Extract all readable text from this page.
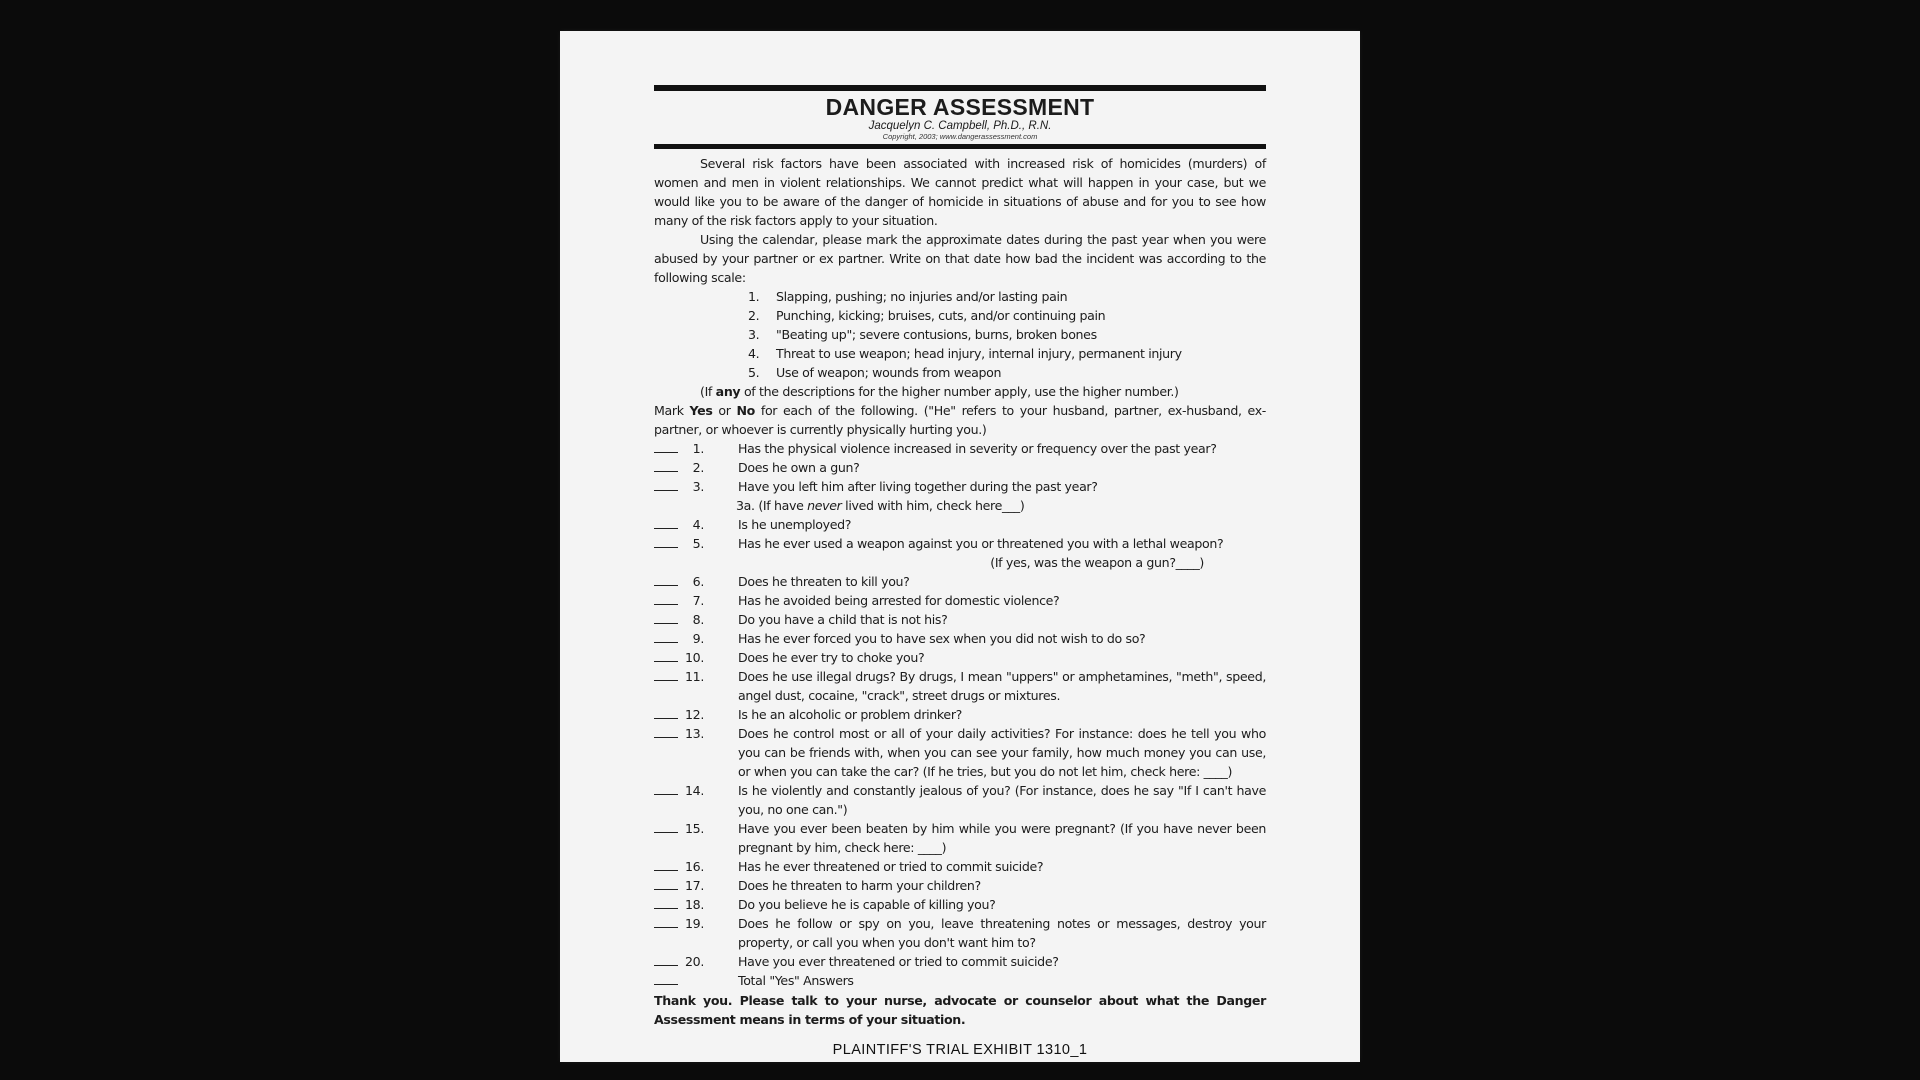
DANGER ASSESSMENT
Jacquelyn C. Campbell, Ph.D., R.N.
Copyright, 2003; www.dangerassessment.com

Several risk factors have been associated with increased risk of homicides (murders) of women and men in violent relationships. We cannot predict what will happen in your case, but we would like you to be aware of the danger of homicide in situations of abuse and for you to see how many of the risk factors apply to your situation.

Using the calendar, please mark the approximate dates during the past year when you were abused by your partner or ex partner. Write on that date how bad the incident was according to the following scale:

1.	Slapping, pushing; no injuries and/or lasting pain
2.	Punching, kicking; bruises, cuts, and/or continuing pain
3.	"Beating up"; severe contusions, burns, broken bones
4.	Threat to use weapon; head injury, internal injury, permanent injury
5.	Use of weapon; wounds from weapon
(If any of the descriptions for the higher number apply, use the higher number.)

Mark Yes or No for each of the following. ("He" refers to your husband, partner, ex-husband, ex-partner, or whoever is currently physically hurting you.)

1.	Has the physical violence increased in severity or frequency over the past year?
2.	Does he own a gun?
3.	Have you left him after living together during the past year?
3a. (If have never lived with him, check here___)
4.	Is he unemployed?
5.	Has he ever used a weapon against you or threatened you with a lethal weapon?
(If yes, was the weapon a gun?____)
6.	Does he threaten to kill you?
7.	Has he avoided being arrested for domestic violence?
8.	Do you have a child that is not his?
9.	Has he ever forced you to have sex when you did not wish to do so?
10.	Does he ever try to choke you?
11.	Does he use illegal drugs? By drugs, I mean "uppers" or amphetamines, "meth", speed, angel dust, cocaine, "crack", street drugs or mixtures.
12.	Is he an alcoholic or problem drinker?
13.	Does he control most or all of your daily activities? For instance: does he tell you who you can be friends with, when you can see your family, how much money you can use, or when you can take the car? (If he tries, but you do not let him, check here: ____)
14.	Is he violently and constantly jealous of you? (For instance, does he say "If I can't have you, no one can.")
15.	Have you ever been beaten by him while you were pregnant? (If you have never been pregnant by him, check here: ____)
16.	Has he ever threatened or tried to commit suicide?
17.	Does he threaten to harm your children?
18.	Do you believe he is capable of killing you?
19.	Does he follow or spy on you, leave threatening notes or messages, destroy your property, or call you when you don't want him to?
20.	Have you ever threatened or tried to commit suicide?
Total "Yes" Answers

Thank you. Please talk to your nurse, advocate or counselor about what the Danger Assessment means in terms of your situation.

PLAINTIFF'S TRIAL EXHIBIT 1310_1
